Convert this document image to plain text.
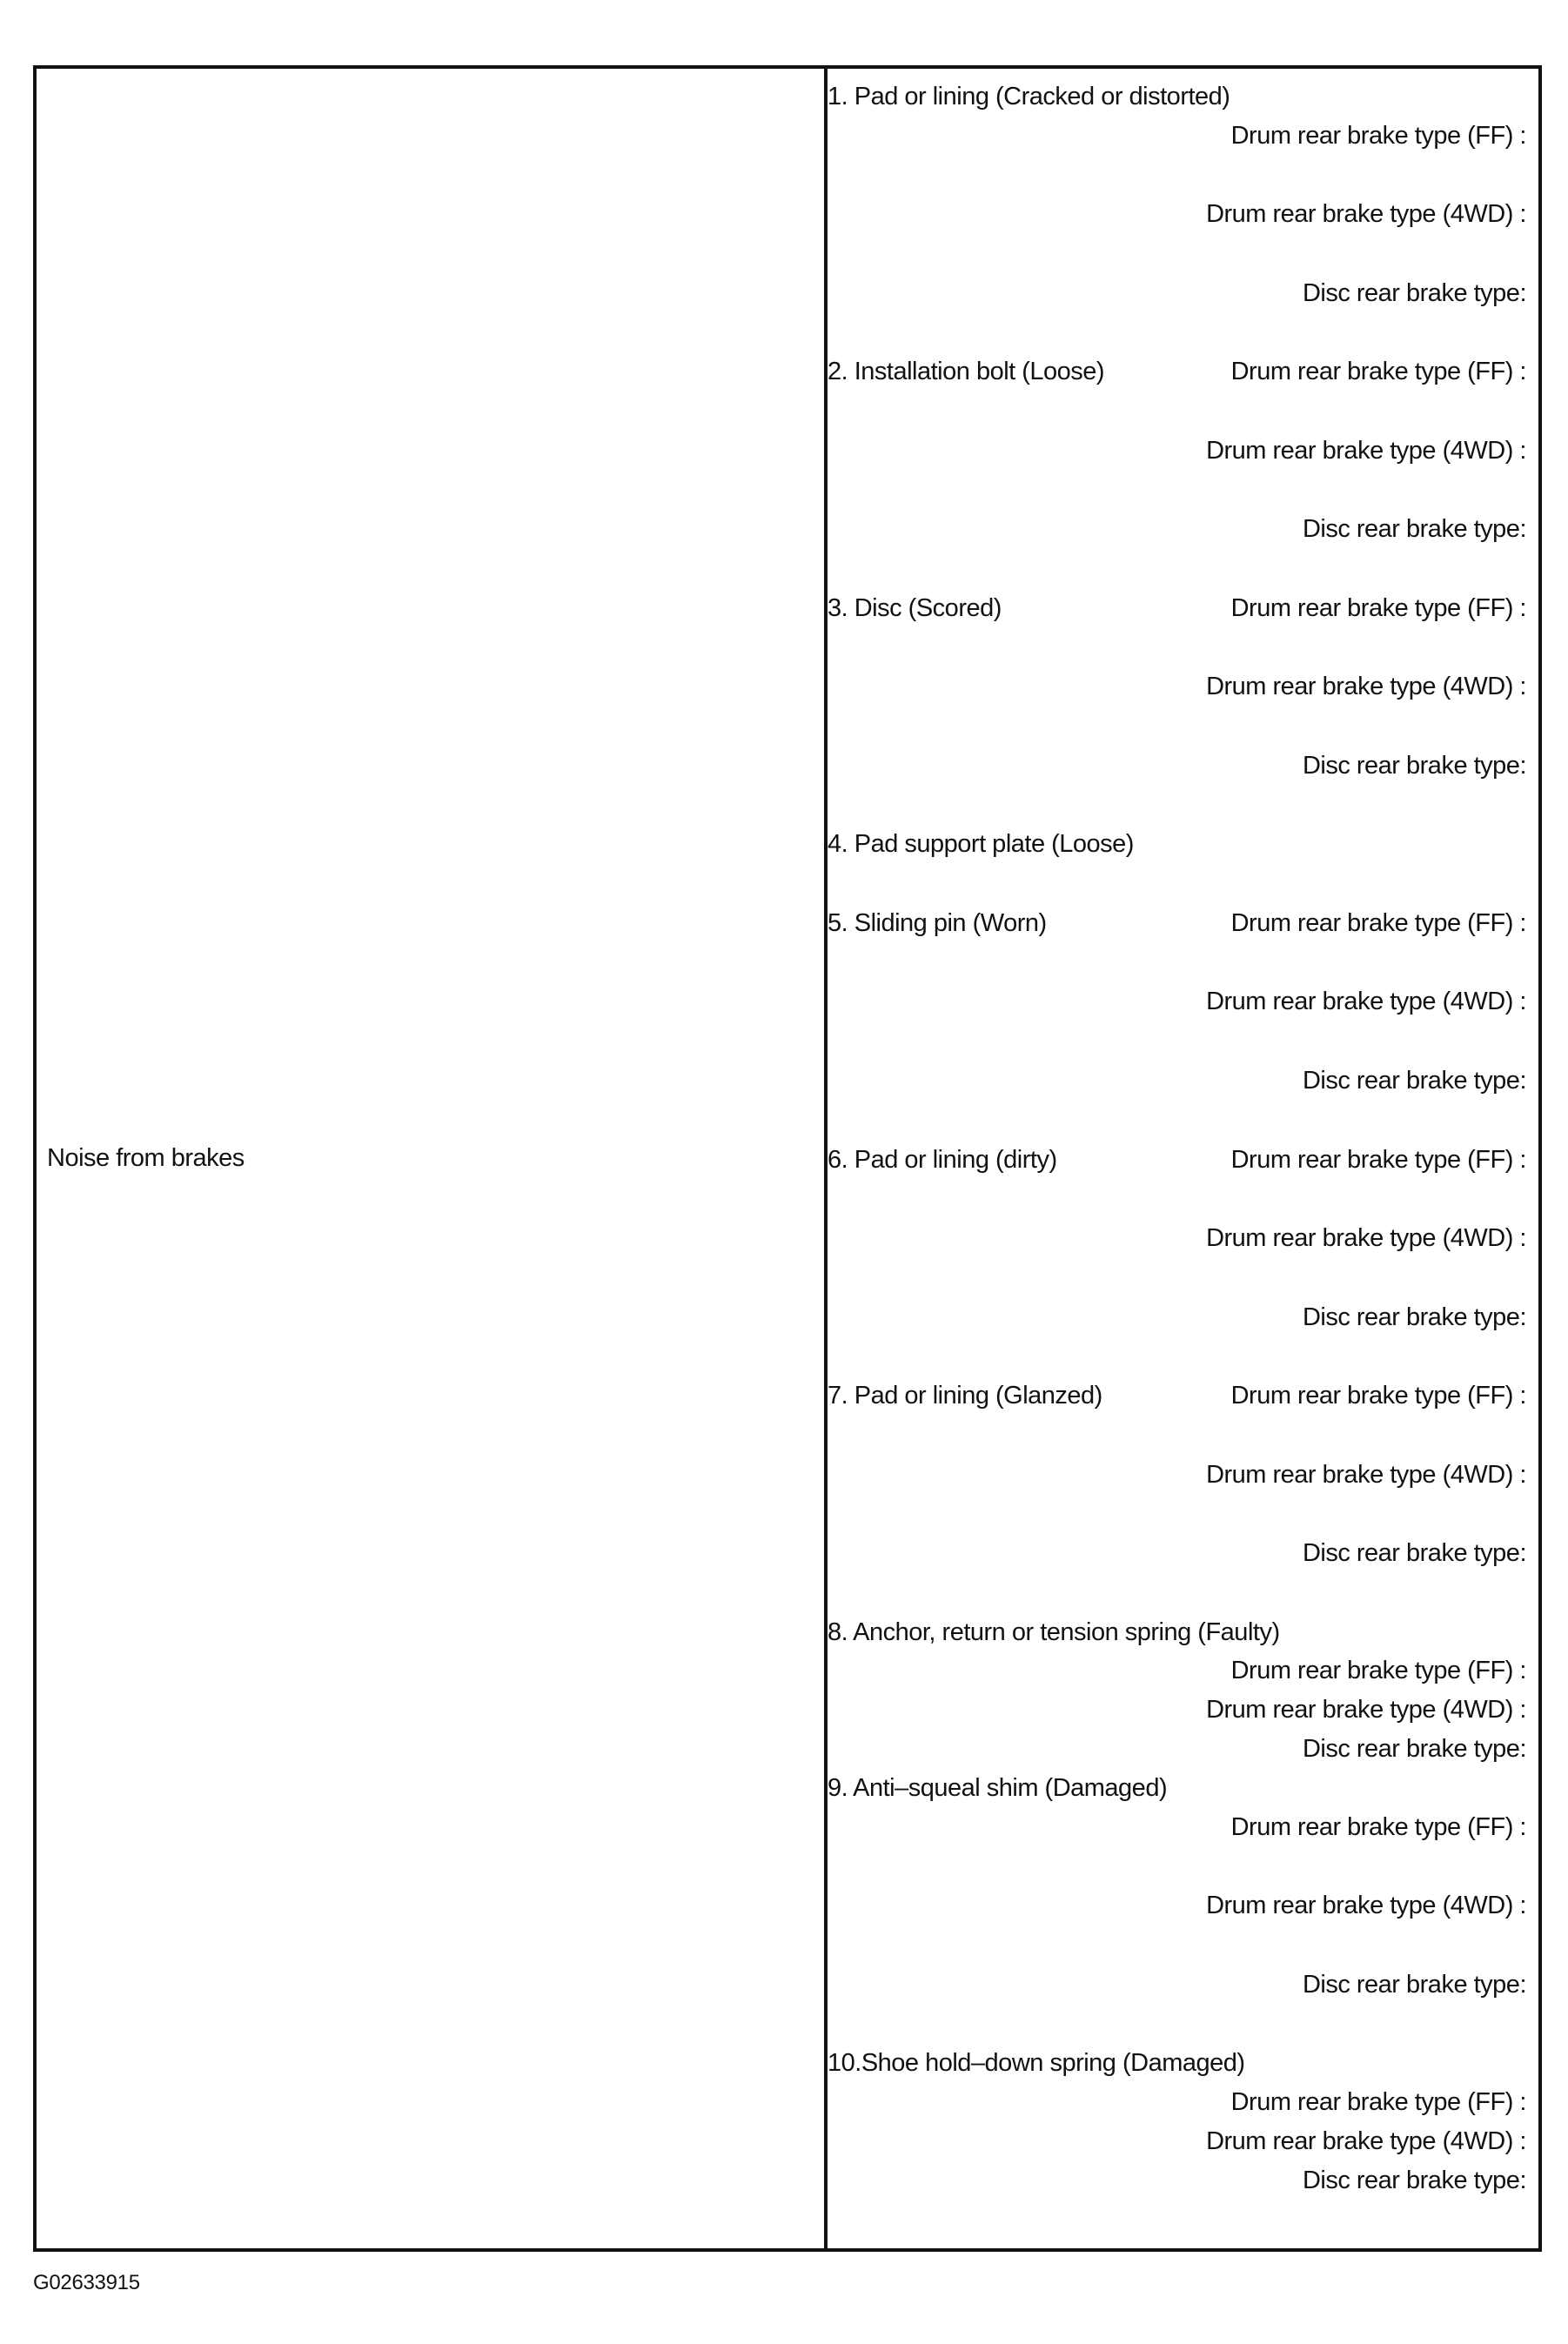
Noise from brakes
1. Pad or lining (Cracked or distorted)
Drum rear brake type (FF) :
Drum rear brake type (4WD) :
Disc rear brake type:
2. Installation bolt (Loose)	Drum rear brake type (FF) :
Drum rear brake type (4WD) :
Disc rear brake type:
3. Disc (Scored)	Drum rear brake type (FF) :
Drum rear brake type (4WD) :
Disc rear brake type:
4. Pad support plate (Loose)
5. Sliding pin (Worn)	Drum rear brake type (FF) :
Drum rear brake type (4WD) :
Disc rear brake type:
6. Pad or lining (dirty)	Drum rear brake type (FF) :
Drum rear brake type (4WD) :
Disc rear brake type:
7. Pad or lining (Glanzed)	Drum rear brake type (FF) :
Drum rear brake type (4WD) :
Disc rear brake type:
8. Anchor, return or tension spring (Faulty)
Drum rear brake type (FF) :
Drum rear brake type (4WD) :
Disc rear brake type:
9. Anti–squeal shim (Damaged)
Drum rear brake type (FF) :
Drum rear brake type (4WD) :
Disc rear brake type:
10.Shoe hold–down spring (Damaged)
Drum rear brake type (FF) :
Drum rear brake type (4WD) :
Disc rear brake type:
G02633915
